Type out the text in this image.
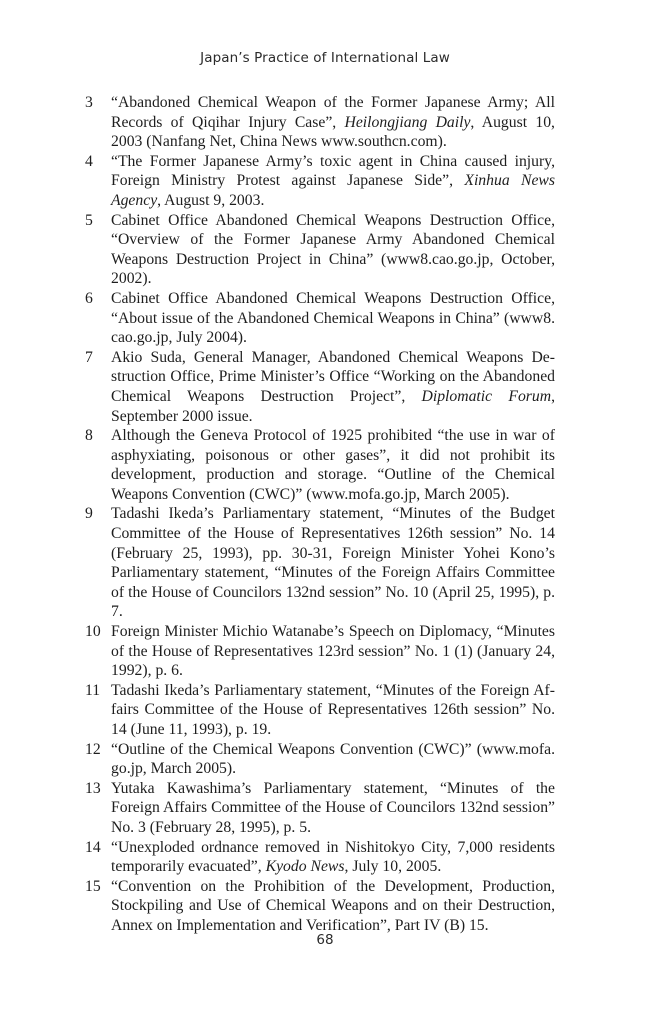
Japan’s Practice of International Law
3	“Abandoned Chemical Weapon of the Former Japanese Army; All Records of Qiqihar Injury Case”, Heilongjiang Daily, August 10, 2003 (Nanfang Net, China News www.southcn.com).
4	“The Former Japanese Army’s toxic agent in China caused injury, Foreign Ministry Protest against Japanese Side”, Xinhua News Agency, August 9, 2003.
5	Cabinet Office Abandoned Chemical Weapons Destruction Office, “Overview of the Former Japanese Army Abandoned Chemical Weapons Destruction Project in China” (www8.cao.go.jp, October, 2002).
6	Cabinet Office Abandoned Chemical Weapons Destruction Office, “About issue of the Abandoned Chemical Weapons in China” (www8.​cao.go.jp, July 2004).
7	Akio Suda, General Manager, Abandoned Chemical Weapons Destruction Office, Prime Minister’s Office “Working on the Abandoned Chemical Weapons Destruction Project”, Diplomatic Forum, September 2000 issue.
8	Although the Geneva Protocol of 1925 prohibited “the use in war of asphyxiating, poisonous or other gases”, it did not prohibit its development, production and storage. “Outline of the Chemical Weapons Convention (CWC)” (www.mofa.go.jp, March 2005).
9	Tadashi Ikeda’s Parliamentary statement, “Minutes of the Budget Committee of the House of Representatives 126th session” No. 14 (February 25, 1993), pp. 30-31, Foreign Minister Yohei Kono’s Parliamentary statement, “Minutes of the Foreign Affairs Committee of the House of Councilors 132nd session” No. 10 (April 25, 1995), p. 7.
10 Foreign Minister Michio Watanabe’s Speech on Diplomacy, “Minutes of the House of Representatives 123rd session” No. 1 (1) (January 24, 1992), p. 6.
11 Tadashi Ikeda’s Parliamentary statement, “Minutes of the Foreign Affairs Committee of the House of Representatives 126th session” No. 14 (June 11, 1993), p. 19.
12 “Outline of the Chemical Weapons Convention (CWC)” (www.mofa.​go.jp, March 2005).
13 Yutaka Kawashima’s Parliamentary statement, “Minutes of the Foreign Affairs Committee of the House of Councilors 132nd session” No. 3 (February 28, 1995), p. 5.
14 “Unexploded ordnance removed in Nishitokyo City, 7,000 residents temporarily evacuated”, Kyodo News, July 10, 2005.
15 “Convention on the Prohibition of the Development, Production, Stockpiling and Use of Chemical Weapons and on their Destruction, Annex on Implementation and Verification”, Part IV (B) 15.
68
